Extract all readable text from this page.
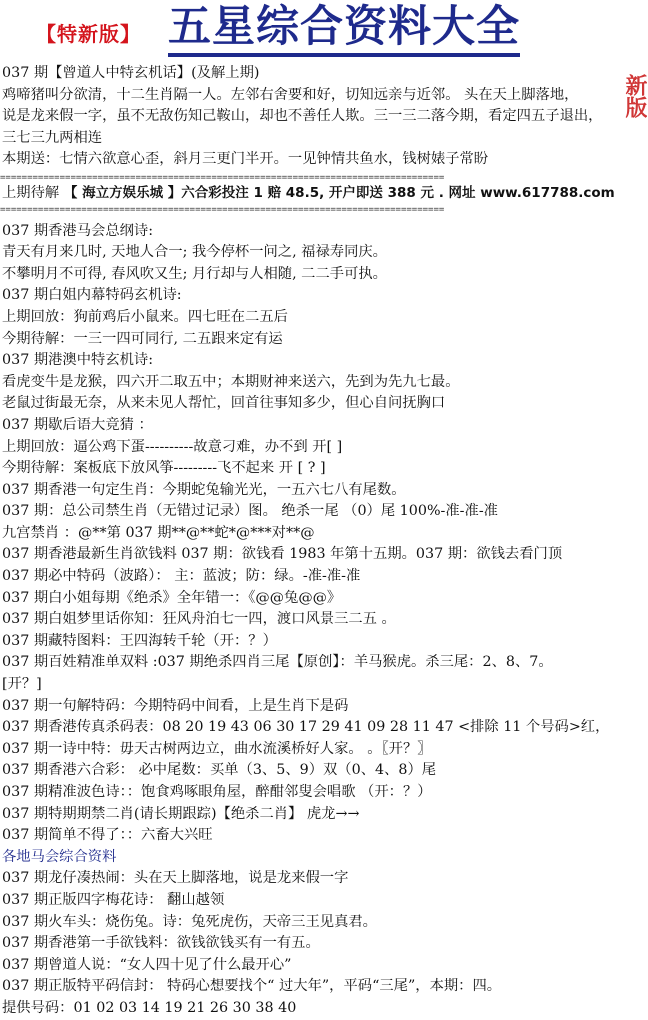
【特新版】 五星综合资料大全
新版
037 期【曾道人中特玄机话】(及解上期)
鸡啼猪叫分欲清，十二生肖隔一人。左邻右舍要和好，切知远亲与近邻。 头在天上脚落地，
说是龙来假一字，虽不无敌伤知己鞍山，却也不善任人欺。三一三二落今期，看定四五子退出，
三七三九两相连
本期送：七情六欲意心歪，斜月三更门半开。一见钟情共鱼水，钱树婊子常盼
==================================================================================
上期待解 【 海立方娱乐城 】六合彩投注 1 赔 48.5, 开户即送 388 元 . 网址 www.617788.com
==================================================================================
037 期香港马会总纲诗:
青天有月来几时, 天地人合一; 我今停杯一问之, 福禄寿同庆。
不攀明月不可得, 春风吹又生; 月行却与人相随, 二二手可执。
037 期白姐内幕特码玄机诗:
上期回放：狗前鸡后小鼠来。四七旺在二五后
今期待解：一三一四可同行, 二五跟来定有运
037 期港澳中特玄机诗:
看虎变牛是龙猴，四六开二取五中；本期财神来送六，先到为先九七最。
老鼠过街最无奈，从来未见人帮忙，回首往事知多少，但心自问抚胸口
037 期歇后语大竞猜 ：
上期回放：逼公鸡下蛋----------故意刁难，办不到 开[ ]
今期待解：案板底下放风筝---------飞不起来 开 [ ? ]
037 期香港一句定生肖：今期蛇兔输光光，一五六七八有尾数。
037 期：总公司禁生肖（无错过记录）图。 绝杀一尾 （0）尾 100%-准-准-准
九宫禁肖 ：@**第 037 期**@**蛇*@***对**@
037 期香港最新生肖欲钱料 037 期：欲钱看 1983 年第十五期。037 期：欲钱去看门顶
037 期必中特码（波路）： 主：蓝波；防：绿。-准-准-准
037 期白小姐每期《绝杀》全年错一：《@@兔@@》
037 期白姐梦里话你知：狂风舟泊七一四，渡口风景三二五 。
037 期藏特图料：王四海转千轮（开：？）
037 期百姓精准单双料 :037 期绝杀四肖三尾【原创】：羊马猴虎。杀三尾：2、8、7。
[开？]
037 期一句解特码：今期特码中间看，上是生肖下是码
037 期香港传真杀码表：08 20 19 43 06 30 17 29 41 09 28 11 47 <排除 11 个号码>红，
037 期一诗中特：毋天古树两边立，曲水流溪桥好人家。 。〖开？〗
037 期香港六合彩： 必中尾数：买单（3、5、9）双（0、4、8）尾
037 期精准波色诗：：饱食鸡啄眼角屋，醉酣邻叟会唱歌 （开：？）
037 期特期期禁二肖(请长期跟踪)【绝杀二肖】 虎龙→→
037 期简单不得了：：六畜大兴旺
各地马会综合资料
037 期龙仔凑热闹：头在天上脚落地，说是龙来假一字
037 期正版四字梅花诗： 翻山越领
037 期火车头：烧伤兔。诗：兔死虎伤，天帝三王见真君。
037 期香港第一手欲钱料：欲钱欲钱买有一有五。
037 期曾道人说：“女人四十见了什么最开心”
037 期正版特平码信封： 特码心想要找个“ 过大年”，平码“三尾”，本期：四。
提供号码：01 02 03 14 19 21 26 30 38 40
